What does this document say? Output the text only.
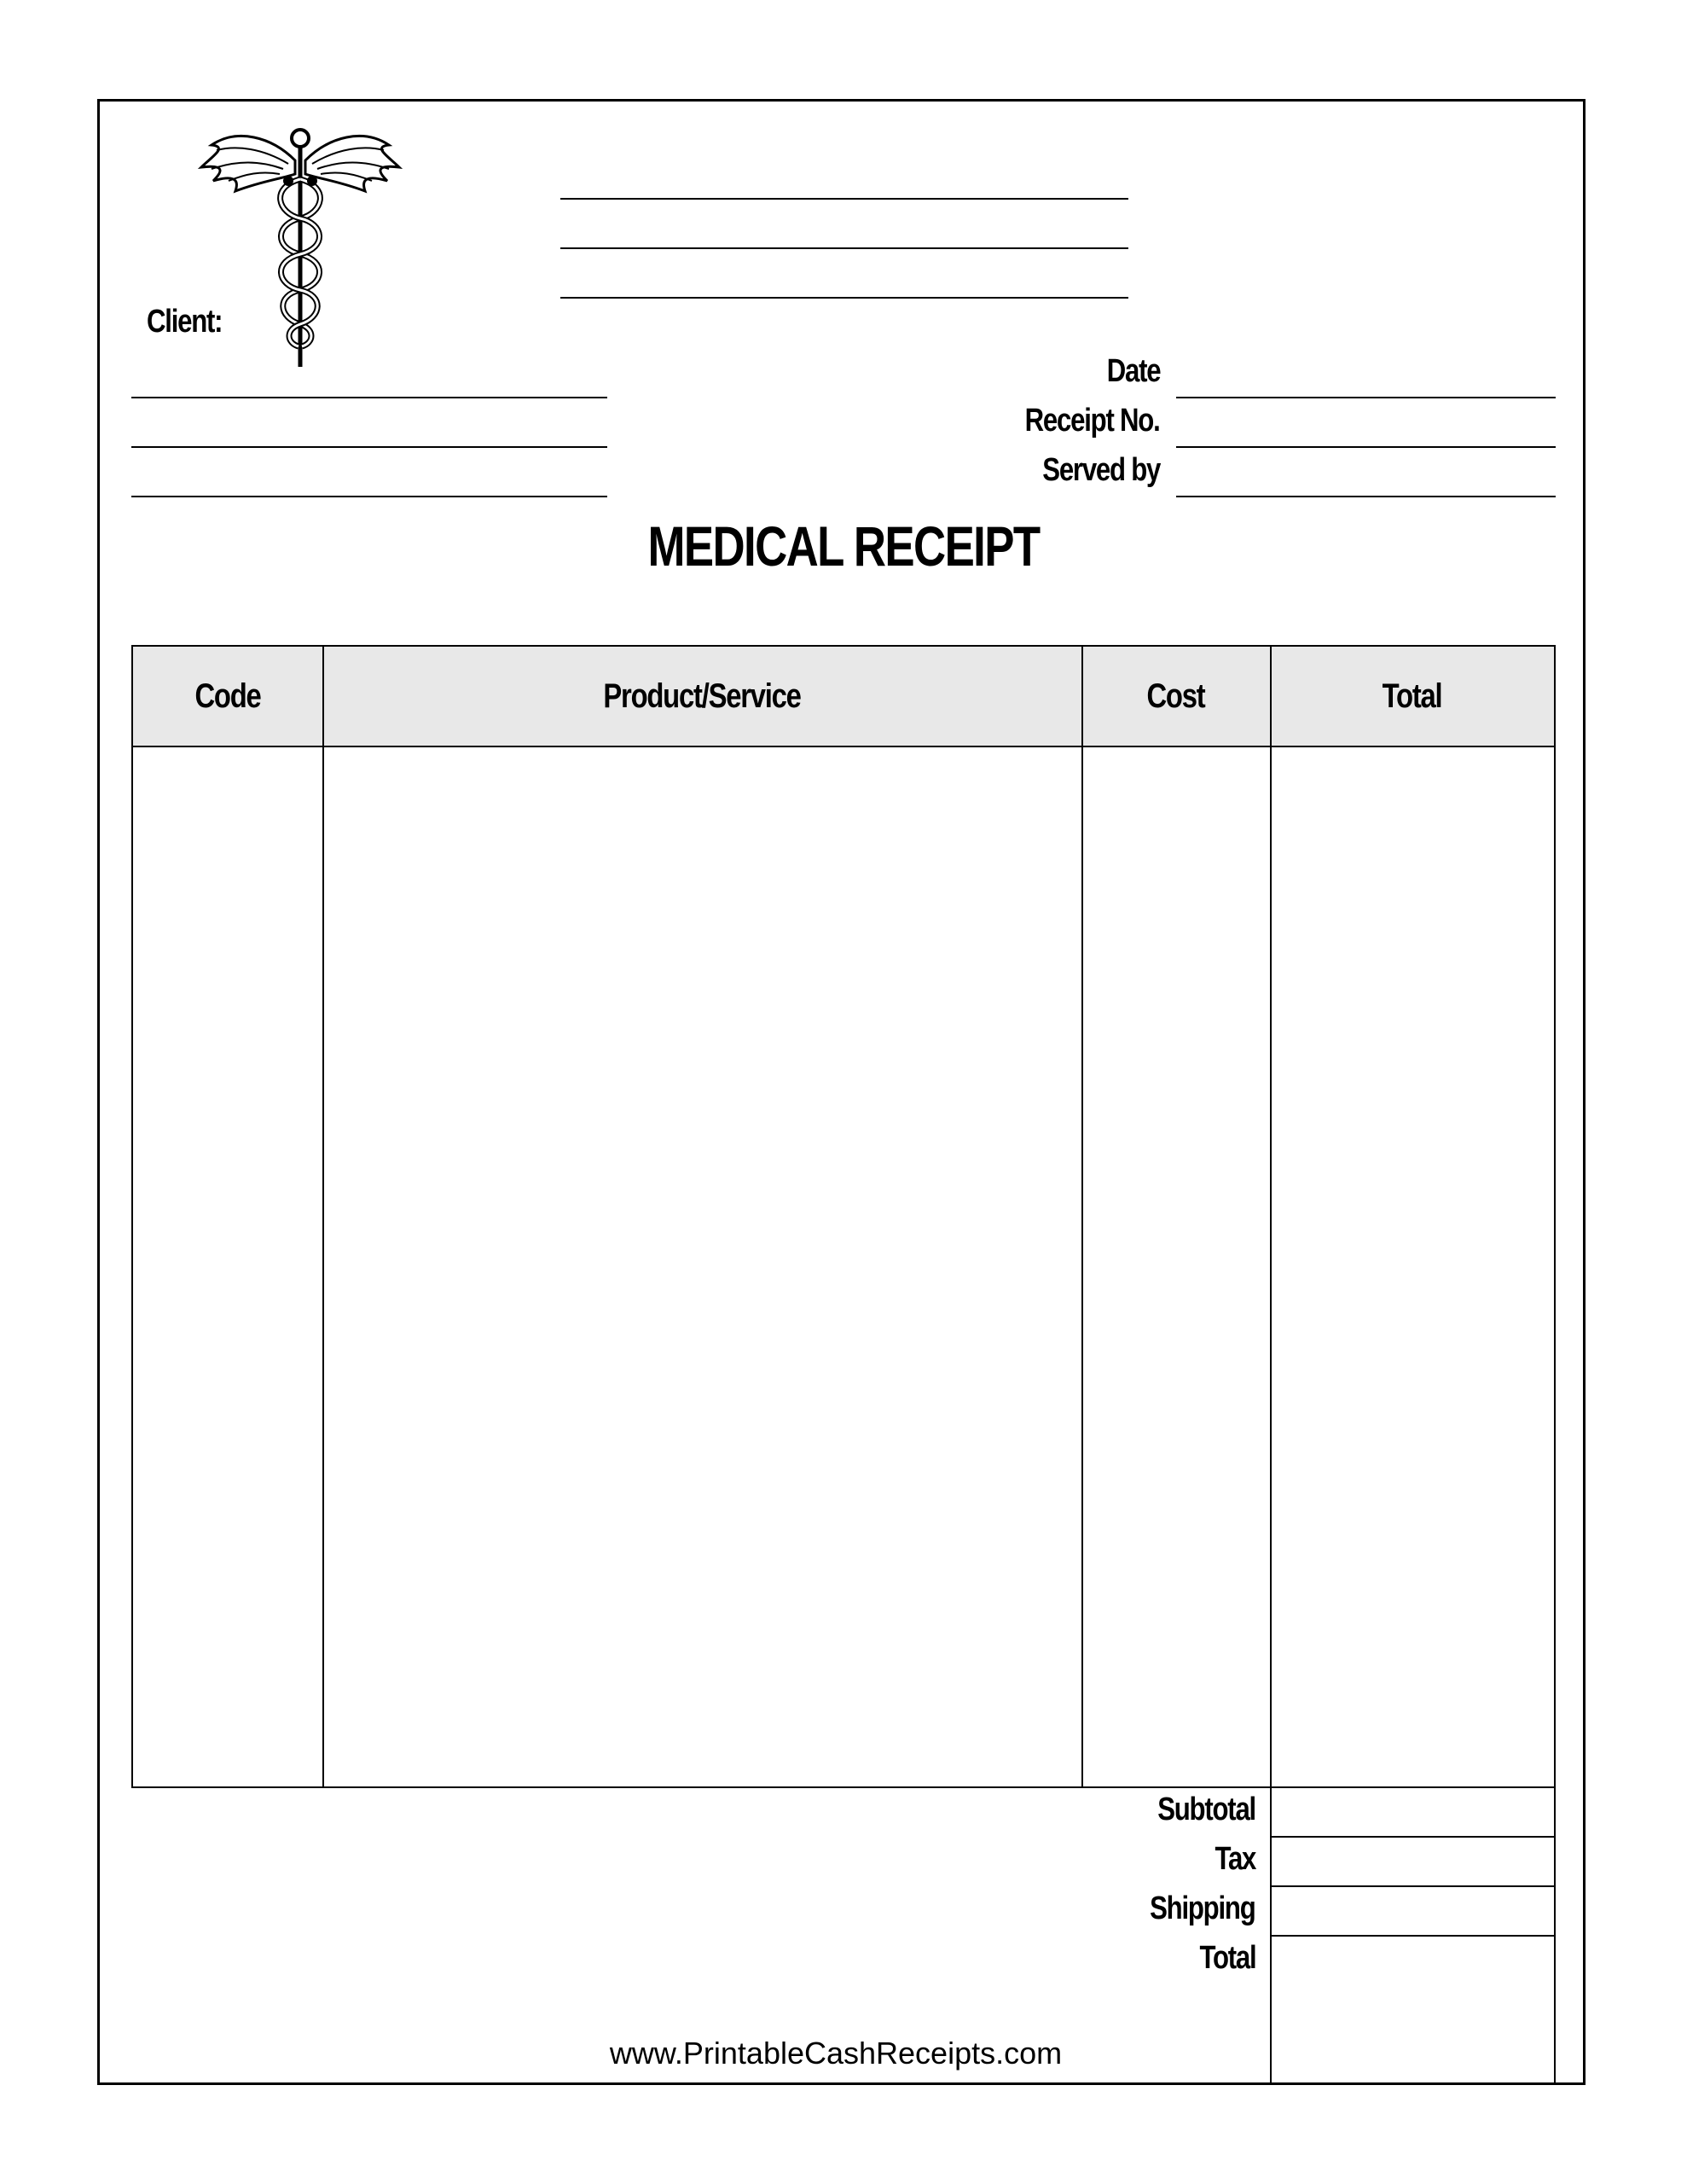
Client:
Date
Receipt No.
Served by
MEDICAL RECEIPT
Code	Product/Service	Cost	Total
Subtotal
Tax
Shipping
Total
www.PrintableCashReceipts.com
